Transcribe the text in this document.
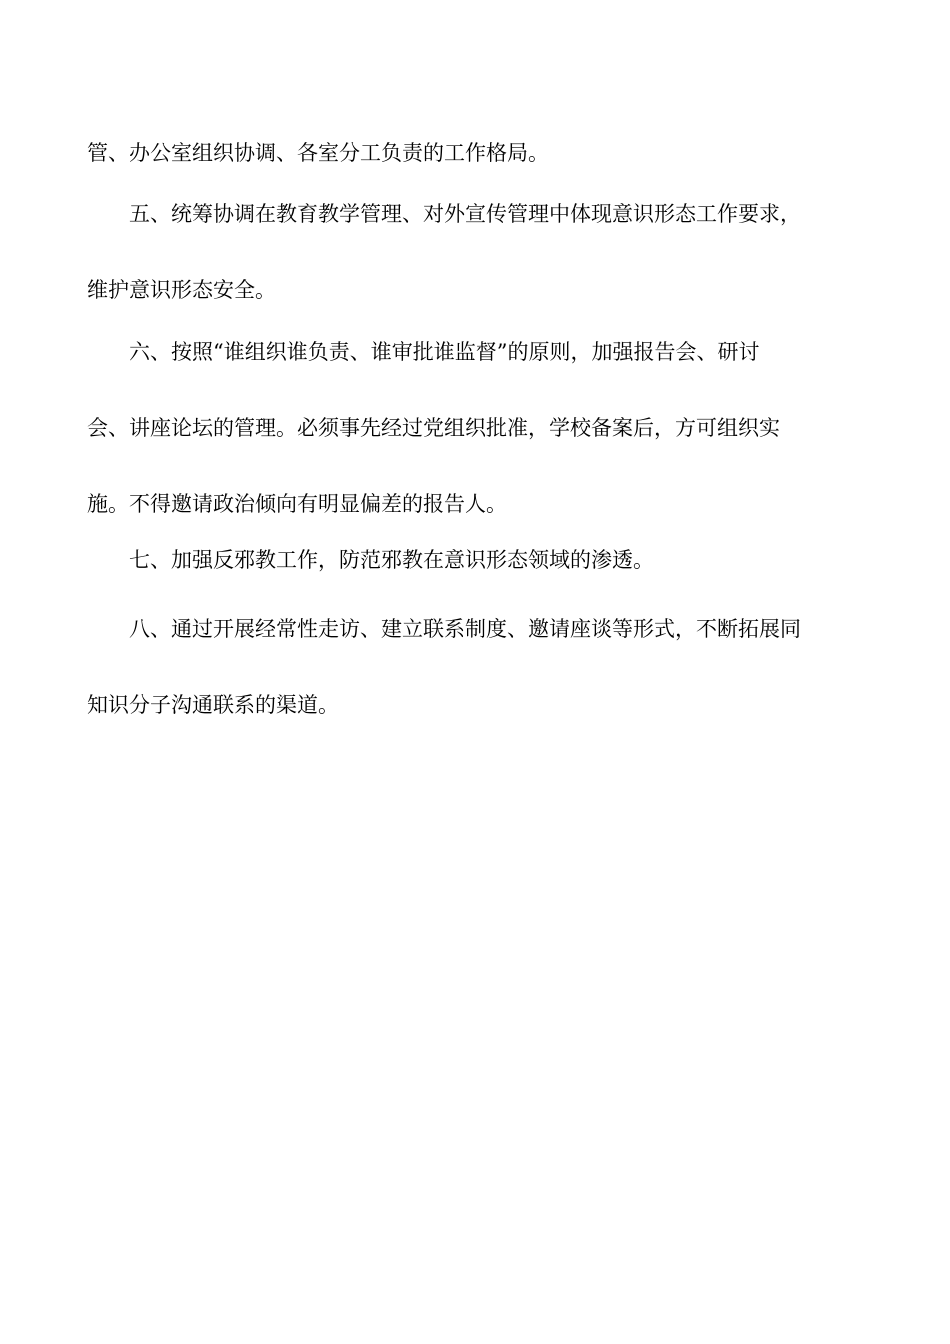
管、办公室组织协调、各室分工负责的工作格局。
五、统筹协调在教育教学管理、对外宣传管理中体现意识形态工作要求，
维护意识形态安全。
六、按照“谁组织谁负责、谁审批谁监督”的原则，加强报告会、研讨
会、讲座论坛的管理。必须事先经过党组织批准，学校备案后，方可组织实
施。不得邀请政治倾向有明显偏差的报告人。
七、加强反邪教工作，防范邪教在意识形态领域的渗透。
八、通过开展经常性走访、建立联系制度、邀请座谈等形式，不断拓展同
知识分子沟通联系的渠道。
